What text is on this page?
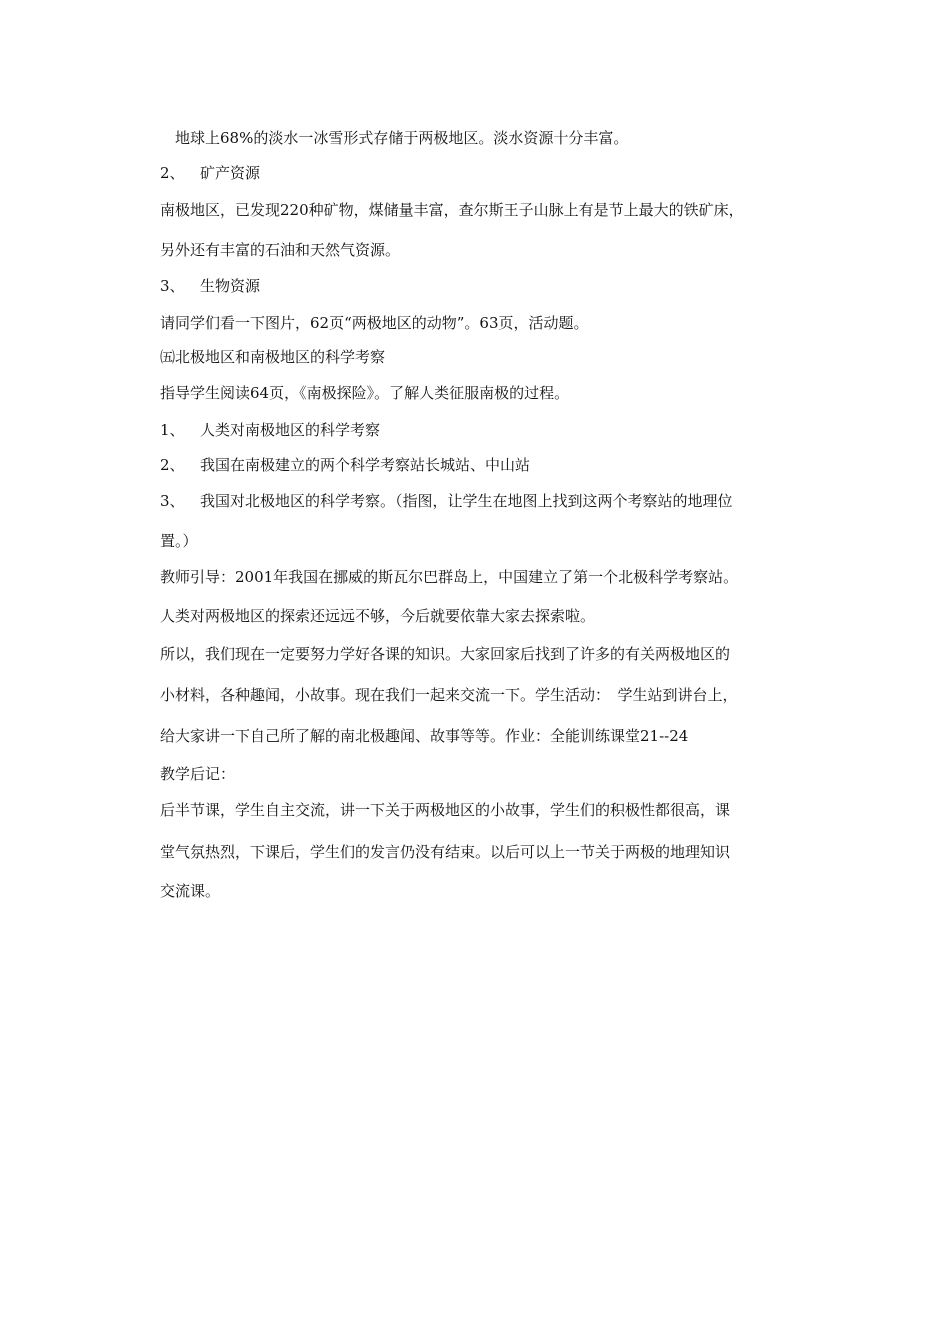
　地球上68%的淡水一冰雪形式存储于两极地区。淡水资源十分丰富。
2、 矿产资源
南极地区，已发现220种矿物，煤储量丰富，查尔斯王子山脉上有是节上最大的铁矿床，
另外还有丰富的石油和天然气资源。
3、 生物资源
请同学们看一下图片，62页“两极地区的动物”。63页，活动题。
㈤北极地区和南极地区的科学考察
指导学生阅读64页，《南极探险》。了解人类征服南极的过程。
1、 人类对南极地区的科学考察
2、 我国在南极建立的两个科学考察站长城站、中山站
3、 我国对北极地区的科学考察。（指图，让学生在地图上找到这两个考察站的地理位
置。）
教师引导：2001年我国在挪威的斯瓦尔巴群岛上，中国建立了第一个北极科学考察站。
人类对两极地区的探索还远远不够，今后就要依靠大家去探索啦。
所以，我们现在一定要努力学好各课的知识。大家回家后找到了许多的有关两极地区的
小材料，各种趣闻，小故事。现在我们一起来交流一下。学生活动：　学生站到讲台上，
给大家讲一下自己所了解的南北极趣闻、故事等等。作业：全能训练课堂21--24
教学后记：
后半节课，学生自主交流，讲一下关于两极地区的小故事，学生们的积极性都很高，课
堂气氛热烈，下课后，学生们的发言仍没有结束。以后可以上一节关于两极的地理知识
交流课。
